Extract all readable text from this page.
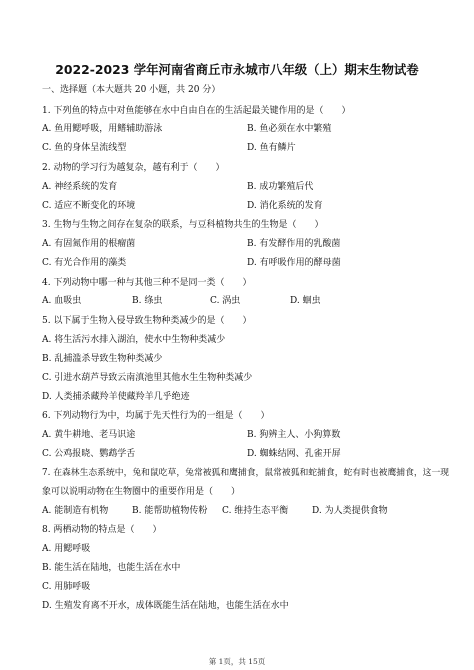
2022-2023 学年河南省商丘市永城市八年级（上）期末生物试卷
一、选择题（本大题共 20 小题，共 20 分）
1. 下列鱼的特点中对鱼能够在水中自由自在的生活起最关键作用的是（　　）
A. 鱼用鳃呼吸，用鳍辅助游泳	B. 鱼必须在水中繁殖
C. 鱼的身体呈流线型	D. 鱼有鳞片
2. 动物的学习行为越复杂，越有利于（　　）
A. 神经系统的发育	B. 成功繁殖后代
C. 适应不断变化的环境	D. 消化系统的发育
3. 生物与生物之间存在复杂的联系，与豆科植物共生的生物是（　　）
A. 有固氮作用的根瘤菌	B. 有发酵作用的乳酸菌
C. 有光合作用的藻类	D. 有呼吸作用的酵母菌
4. 下列动物中哪一种与其他三种不是同一类（　　）
A. 血吸虫	B. 绦虫	C. 涡虫	D. 蛔虫
5. 以下属于生物入侵导致生物种类减少的是（　　）
A. 将生活污水排入湖泊，使水中生物种类减少
B. 乱捕滥杀导致生物种类减少
C. 引进水葫芦导致云南滇池里其他水生生物种类减少
D. 人类捕杀藏羚羊使藏羚羊几乎绝迹
6. 下列动物行为中，均属于先天性行为的一组是（　　）
A. 黄牛耕地、老马识途	B. 狗辨主人、小狗算数
C. 公鸡报晓、鹦鹉学舌	D. 蜘蛛结网、孔雀开屏
7. 在森林生态系统中，兔和鼠吃草，兔常被狐和鹰捕食，鼠常被狐和蛇捕食，蛇有时也被鹰捕食，这一现
象可以说明动物在生物圈中的重要作用是（　　）
A. 能制造有机物	B. 能帮助植物传粉 C. 维持生态平衡	D. 为人类提供食物
8. 两栖动物的特点是（　　）
A. 用鳃呼吸
B. 能生活在陆地，也能生活在水中
C. 用肺呼吸
D. 生殖发育离不开水，成体既能生活在陆地，也能生活在水中
第 1页，共 15页
